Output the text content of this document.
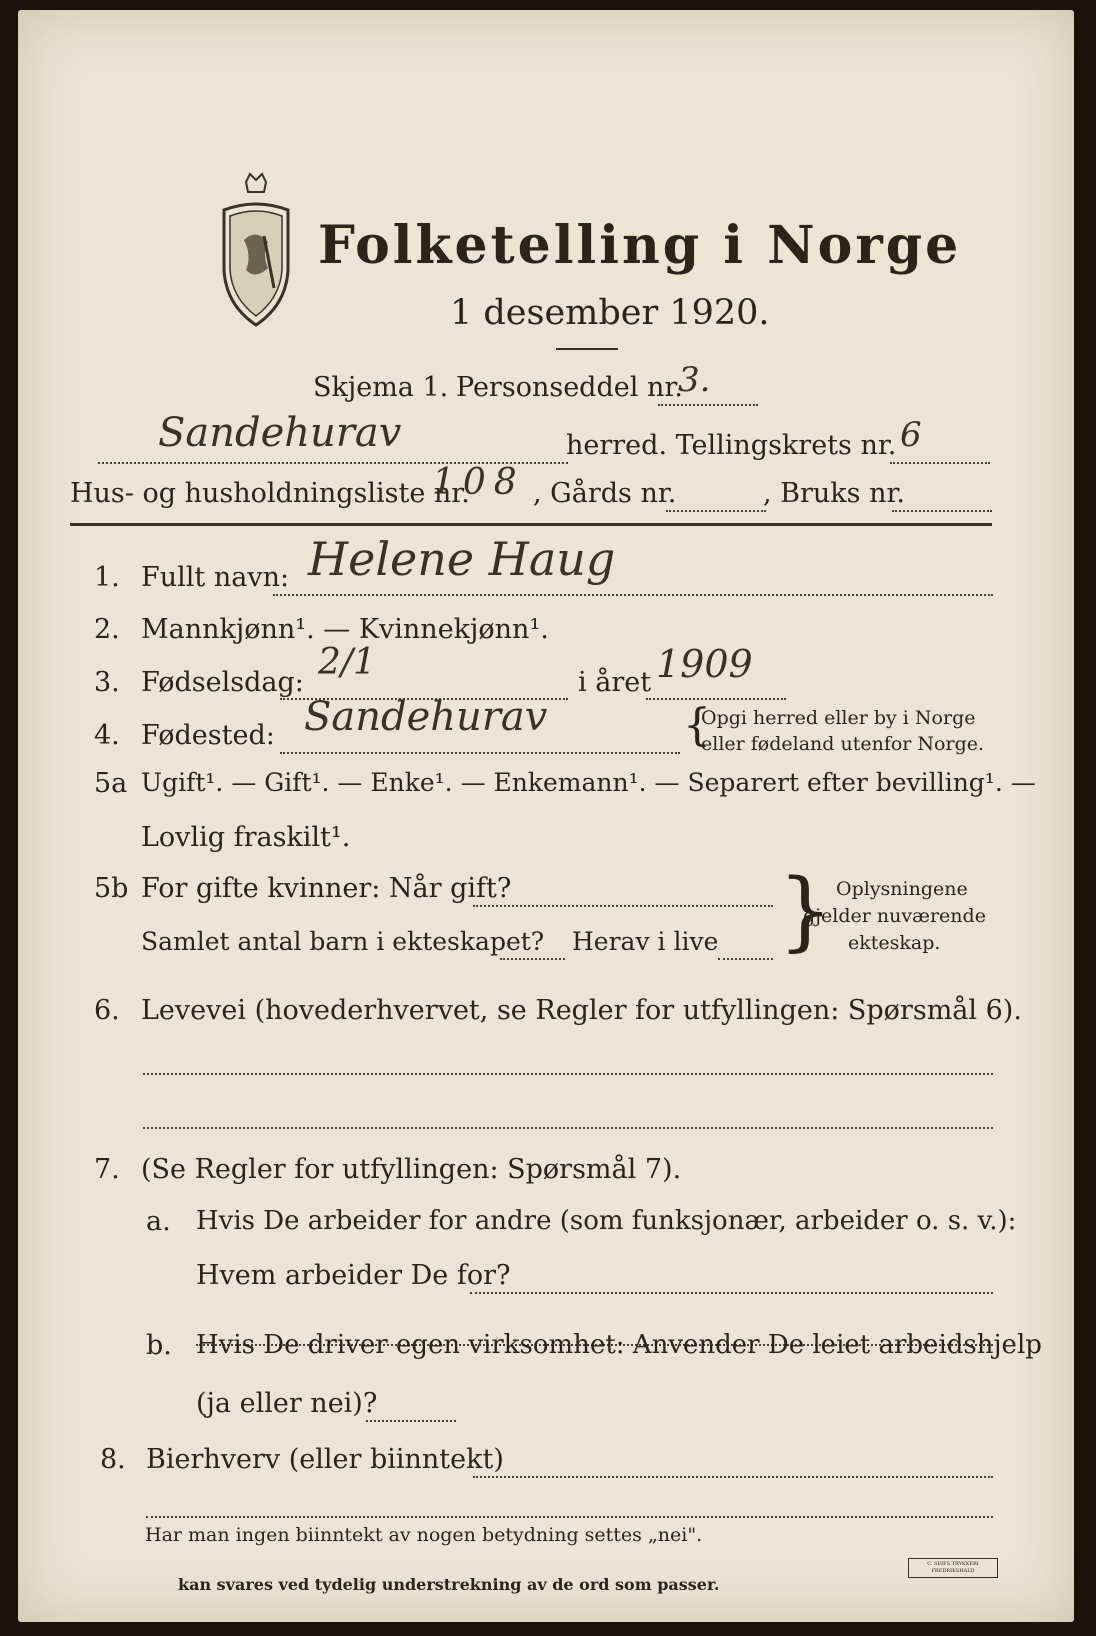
Folketelling i Norge
1 desember 1920.
Skjema 1. Personseddel nr.
3.
Sandehurav	herred. Tellingskrets nr. 6
Hus- og husholdningsliste nr.
108 , Gårds nr.	, Bruks nr.
1. Fullt navn: Helene Haug
2. Mannkjønn¹. — Kvinnekjønn¹.
3. Fødselsdag: 2/1	i året 1909
4. Fødested: Sandehurav	{
Opgi herred eller by i Norge
eller fødeland utenfor Norge.
5a Ugift¹. — Gift¹. — Enke¹. — Enkemann¹. — Separert efter bevilling¹. —
Lovlig fraskilt¹.
5b For gifte kvinner: Når gift?
Samlet antal barn i ekteskapet? Herav i live } Oplysningene
gjelder nuværende
ekteskap.
6. Levevei (hovederhvervet, se Regler for utfyllingen: Spørsmål 6).
7. (Se Regler for utfyllingen: Spørsmål 7).
a. Hvis De arbeider for andre (som funksjonær, arbeider o. s. v.):
Hvem arbeider De for?
b. Hvis De driver egen virksomhet: Anvender De leiet arbeidshjelp
(ja eller nei)?
8. Bierhverv (eller biinntekt)
Har man ingen biinntekt av nogen betydning settes „nei".
kan svares ved tydelig understrekning av de ord som passer.
C. SEIFS TRYKKERI FREDRIKSHALD
